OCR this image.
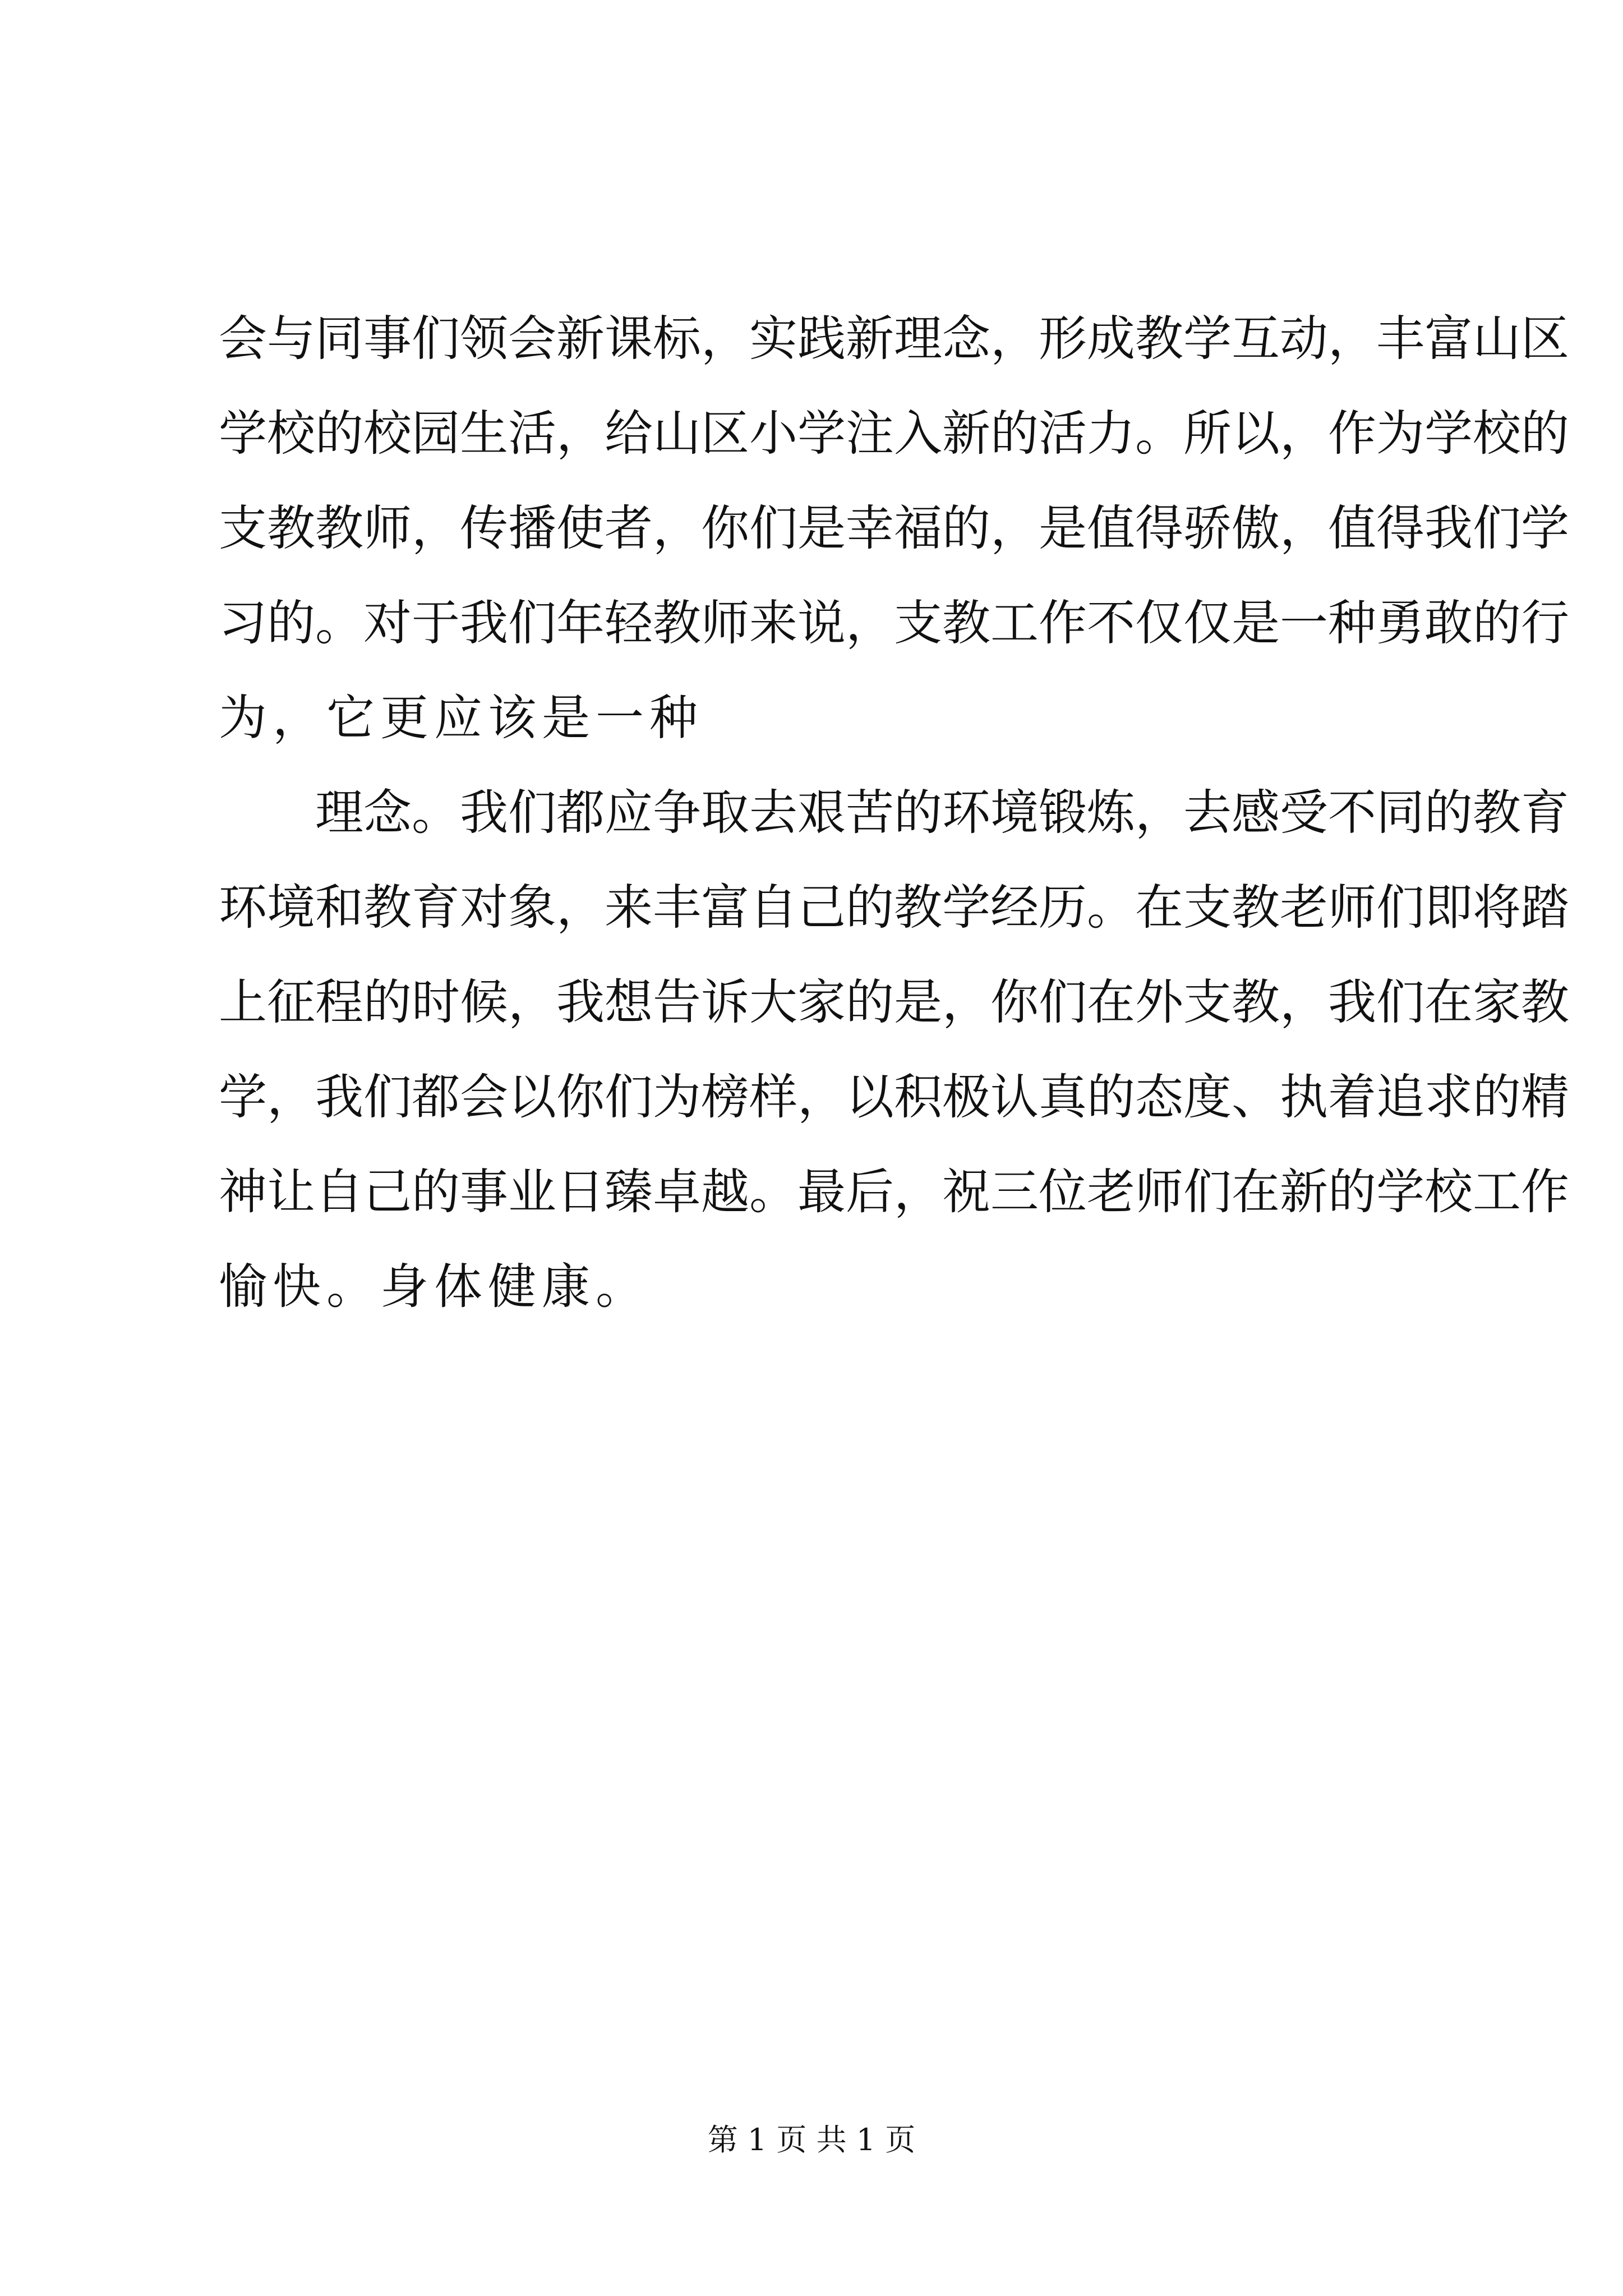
会 与 同 事 们 领 会 新 课 标 ， 实 践 新 理 念 ， 形 成 教 学 互 动 ， 丰 富 山 区
学 校 的 校 园 生 活 ， 给 山 区 小 学 注 入 新 的 活 力 。 所 以 ， 作 为 学 校 的
支 教 教 师 ， 传 播 使 者 ， 你 们 是 幸 福 的 ， 是 值 得 骄 傲 ， 值 得 我 们 学
习 的 。 对 于 我 们 年 轻 教 师 来 说 ， 支 教 工 作 不 仅 仅 是 一 种 勇 敢 的 行
为，它更应该是一种
理 念 。 我 们 都 应 争 取 去 艰 苦 的 环 境 锻 炼 ， 去 感 受 不 同 的 教 育
环 境 和 教 育 对 象 ， 来 丰 富 自 己 的 教 学 经 历 。 在 支 教 老 师 们 即 将 踏
上 征 程 的 时 候 ， 我 想 告 诉 大 家 的 是 ， 你 们 在 外 支 教 ， 我 们 在 家 教
学 ， 我 们 都 会 以 你 们 为 榜 样 ， 以 积 极 认 真 的 态 度 、 执 着 追 求 的 精
神 让 自 己 的 事 业 日 臻 卓 越 。 最 后 ， 祝 三 位 老 师 们 在 新 的 学 校 工 作
愉快。身体健康。
第 1 页 共 1 页
